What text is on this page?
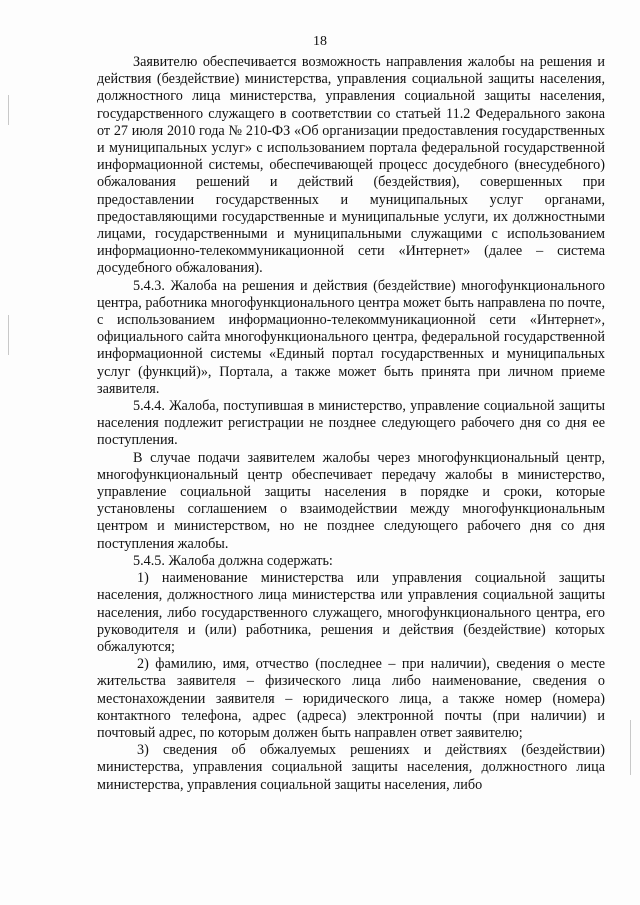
18

Заявителю обеспечивается возможность направления жалобы на решения и действия (бездействие) министерства, управления социальной защиты населения, должностного лица министерства, управления социальной защиты населения, государственного служащего в соответствии со статьей 11.2 Федерального закона от 27 июля 2010 года № 210-ФЗ «Об организации предоставления государственных и муниципальных услуг» с использованием портала федеральной государственной информационной системы, обеспечивающей процесс досудебного (внесудебного) обжалования решений и действий (бездействия), совершенных при предоставлении государственных и муниципальных услуг органами, предоставляющими государственные и муниципальные услуги, их должностными лицами, государственными и муниципальными служащими с использованием информационно-телекоммуникационной сети «Интернет» (далее – система досудебного обжалования).

5.4.3. Жалоба на решения и действия (бездействие) многофункционального центра, работника многофункционального центра может быть направлена по почте, с использованием информационно-телекоммуникационной сети «Интернет», официального сайта многофункционального центра, федеральной государственной информационной системы «Единый портал государственных и муниципальных услуг (функций)», Портала, а также может быть принята при личном приеме заявителя.

5.4.4. Жалоба, поступившая в министерство, управление социальной защиты населения подлежит регистрации не позднее следующего рабочего дня со дня ее поступления.

В случае подачи заявителем жалобы через многофункциональный центр, многофункциональный центр обеспечивает передачу жалобы в министерство, управление социальной защиты населения в порядке и сроки, которые установлены соглашением о взаимодействии между многофункциональным центром и министерством, но не позднее следующего рабочего дня со дня поступления жалобы.

5.4.5. Жалоба должна содержать:

1) наименование министерства или управления социальной защиты населения, должностного лица министерства или управления социальной защиты населения, либо государственного служащего, многофункционального центра, его руководителя и (или) работника, решения и действия (бездействие) которых обжалуются;

2) фамилию, имя, отчество (последнее – при наличии), сведения о месте жительства заявителя – физического лица либо наименование, сведения о местонахождении заявителя – юридического лица, а также номер (номера) контактного телефона, адрес (адреса) электронной почты (при наличии) и почтовый адрес, по которым должен быть направлен ответ заявителю;

3) сведения об обжалуемых решениях и действиях (бездействии) министерства, управления социальной защиты населения, должностного лица министерства, управления социальной защиты населения, либо
